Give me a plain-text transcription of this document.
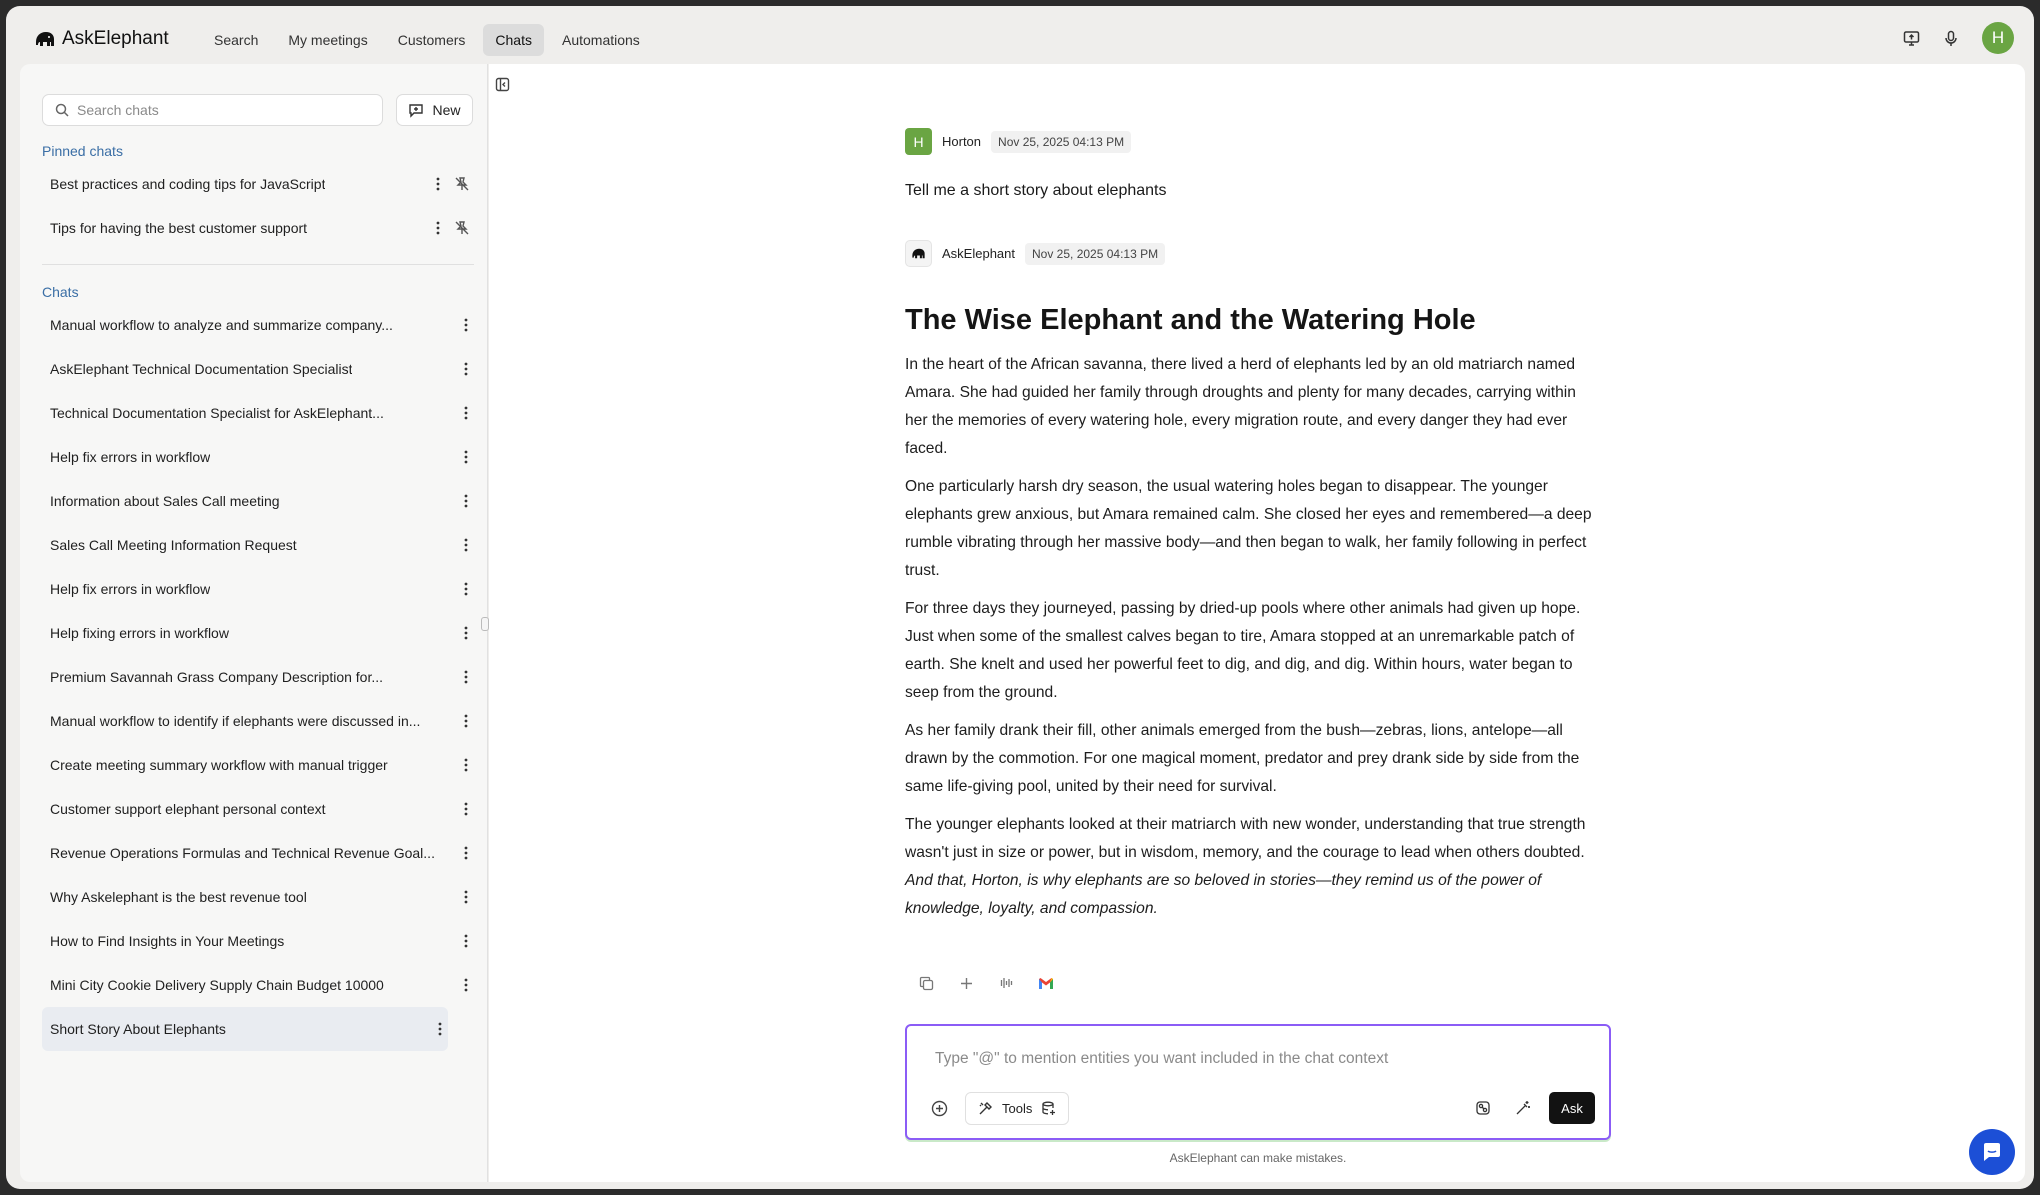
AskElephant	Search	My meetings	Customers	Chats	Automations	H
Search chats
New
Pinned chats
Best practices and coding tips for JavaScript
Tips for having the best customer support
Chats
Manual workflow to analyze and summarize company...
AskElephant Technical Documentation Specialist
Technical Documentation Specialist for AskElephant...
Help fix errors in workflow
Information about Sales Call meeting
Sales Call Meeting Information Request
Help fix errors in workflow
Help fixing errors in workflow
Premium Savannah Grass Company Description for...
Manual workflow to identify if elephants were discussed in...
Create meeting summary workflow with manual trigger
Customer support elephant personal context
Revenue Operations Formulas and Technical Revenue Goal...
Why Askelephant is the best revenue tool
How to Find Insights in Your Meetings
Mini City Cookie Delivery Supply Chain Budget 10000
Short Story About Elephants
H	Horton	Nov 25, 2025 04:13 PM
Tell me a short story about elephants
AskElephant	Nov 25, 2025 04:13 PM
The Wise Elephant and the Watering Hole

In the heart of the African savanna, there lived a herd of elephants led by an old matriarch named Amara. She had guided her family through droughts and plenty for many decades, carrying within her the memories of every watering hole, every migration route, and every danger they had ever faced.

One particularly harsh dry season, the usual watering holes began to disappear. The younger elephants grew anxious, but Amara remained calm. She closed her eyes and remembered—a deep rumble vibrating through her massive body—and then began to walk, her family following in perfect trust.

For three days they journeyed, passing by dried-up pools where other animals had given up hope. Just when some of the smallest calves began to tire, Amara stopped at an unremarkable patch of earth. She knelt and used her powerful feet to dig, and dig, and dig. Within hours, water began to seep from the ground.

As her family drank their fill, other animals emerged from the bush—zebras, lions, antelope—all drawn by the commotion. For one magical moment, predator and prey drank side by side from the same life-giving pool, united by their need for survival.

The younger elephants looked at their matriarch with new wonder, understanding that true strength wasn't just in size or power, but in wisdom, memory, and the courage to lead when others doubted.

And that, Horton, is why elephants are so beloved in stories—they remind us of the power of knowledge, loyalty, and compassion.

Type "@" to mention entities you want included in the chat context
Tools	Ask
AskElephant can make mistakes.
